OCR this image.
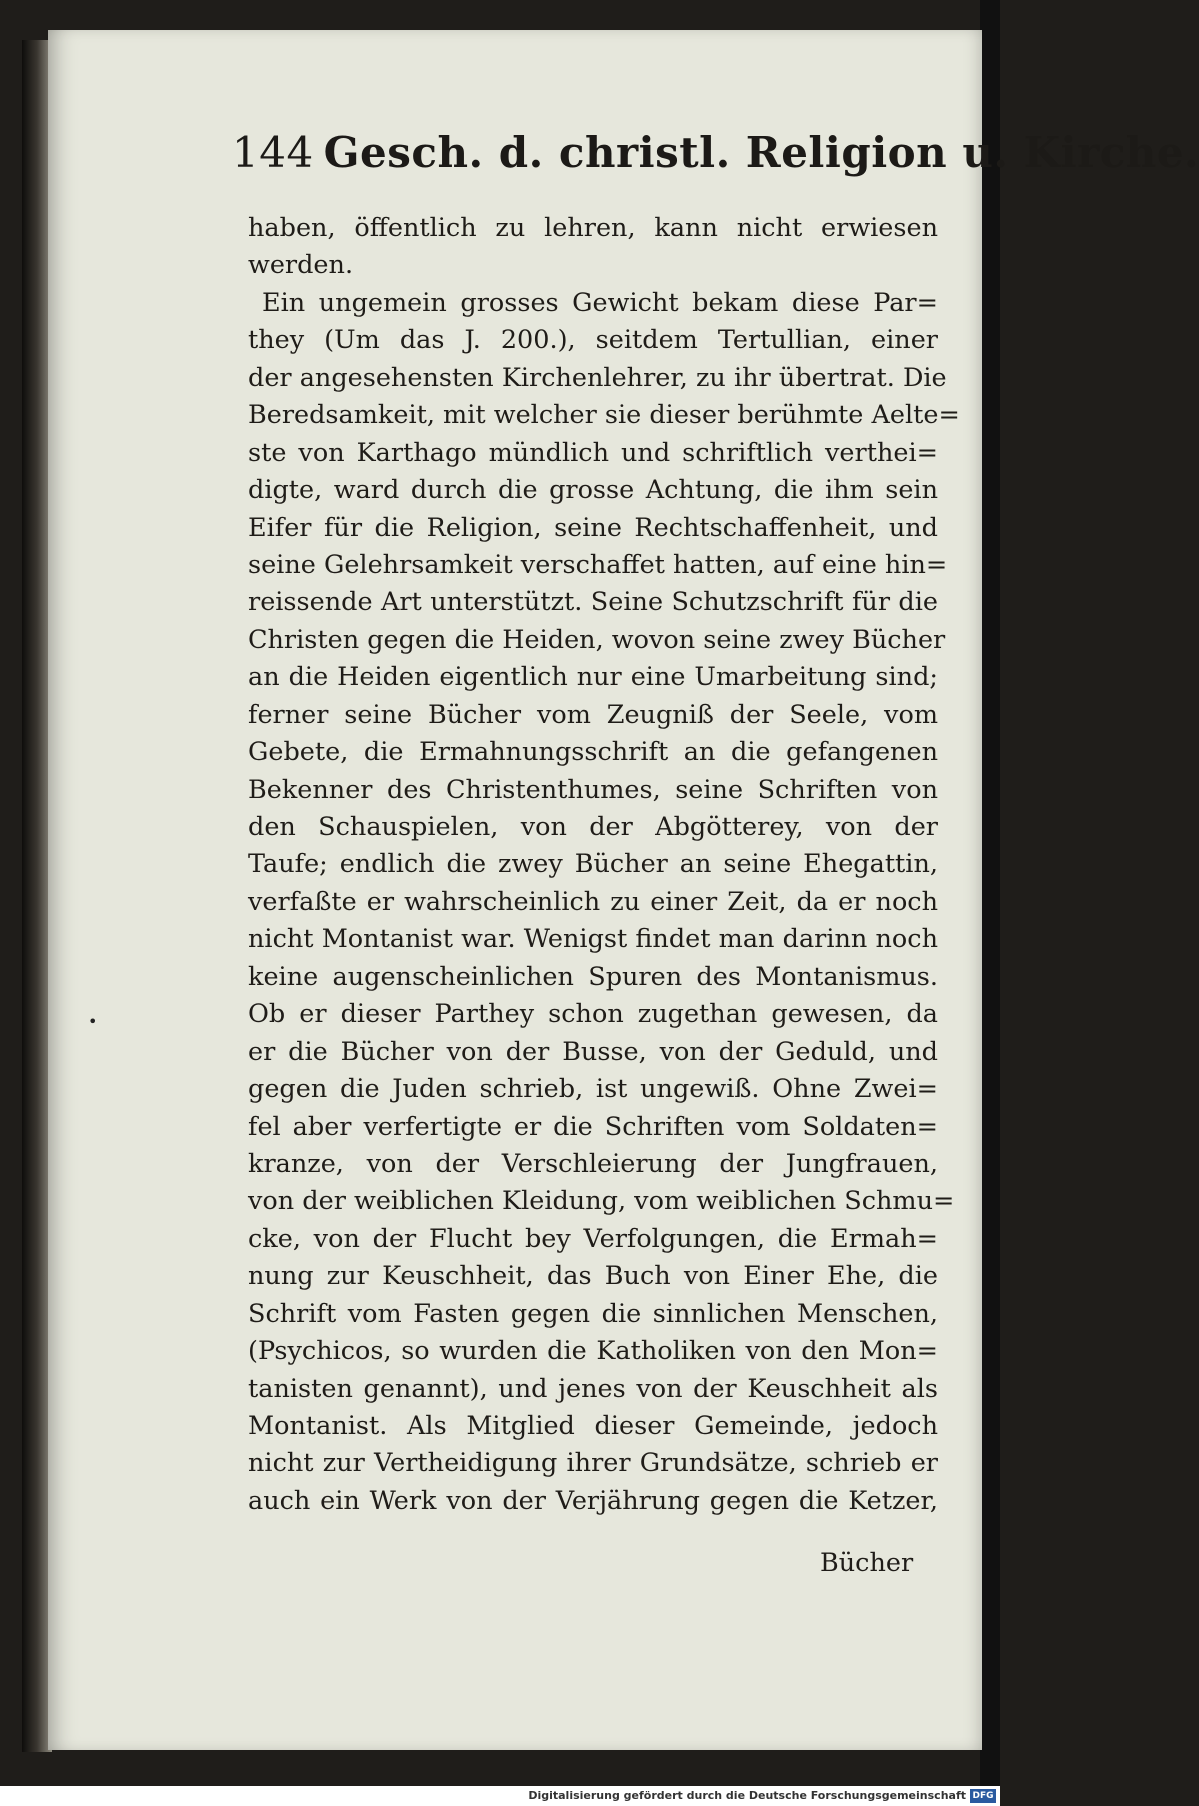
144 Gesch. d. christl. Religion u. Kirche.
haben, öffentlich zu lehren, kann nicht erwiesen
werden.
Ein ungemein grosses Gewicht bekam diese Par=
they (Um das J. 200.), seitdem Tertullian, einer
der angesehensten Kirchenlehrer, zu ihr übertrat. Die
Beredsamkeit, mit welcher sie dieser berühmte Aelte=
ste von Karthago mündlich und schriftlich verthei=
digte, ward durch die grosse Achtung, die ihm sein
Eifer für die Religion, seine Rechtschaffenheit, und
seine Gelehrsamkeit verschaffet hatten, auf eine hin=
reissende Art unterstützt. Seine Schutzschrift für die
Christen gegen die Heiden, wovon seine zwey Bücher
an die Heiden eigentlich nur eine Umarbeitung sind;
ferner seine Bücher vom Zeugniß der Seele, vom
Gebete, die Ermahnungsschrift an die gefangenen
Bekenner des Christenthumes, seine Schriften von
den Schauspielen, von der Abgötterey, von der
Taufe; endlich die zwey Bücher an seine Ehegattin,
verfaßte er wahrscheinlich zu einer Zeit, da er noch
nicht Montanist war. Wenigst findet man darinn noch
keine augenscheinlichen Spuren des Montanismus.
Ob er dieser Parthey schon zugethan gewesen, da
er die Bücher von der Busse, von der Geduld, und
gegen die Juden schrieb, ist ungewiß. Ohne Zwei=
fel aber verfertigte er die Schriften vom Soldaten=
kranze, von der Verschleierung der Jungfrauen,
von der weiblichen Kleidung, vom weiblichen Schmu=
cke, von der Flucht bey Verfolgungen, die Ermah=
nung zur Keuschheit, das Buch von Einer Ehe, die
Schrift vom Fasten gegen die sinnlichen Menschen,
(Psychicos, so wurden die Katholiken von den Mon=
tanisten genannt), und jenes von der Keuschheit als
Montanist. Als Mitglied dieser Gemeinde, jedoch
nicht zur Vertheidigung ihrer Grundsätze, schrieb er
auch ein Werk von der Verjährung gegen die Ketzer,
Bücher
•
Digitalisierung gefördert durch die Deutsche Forschungsgemeinschaft DFG
